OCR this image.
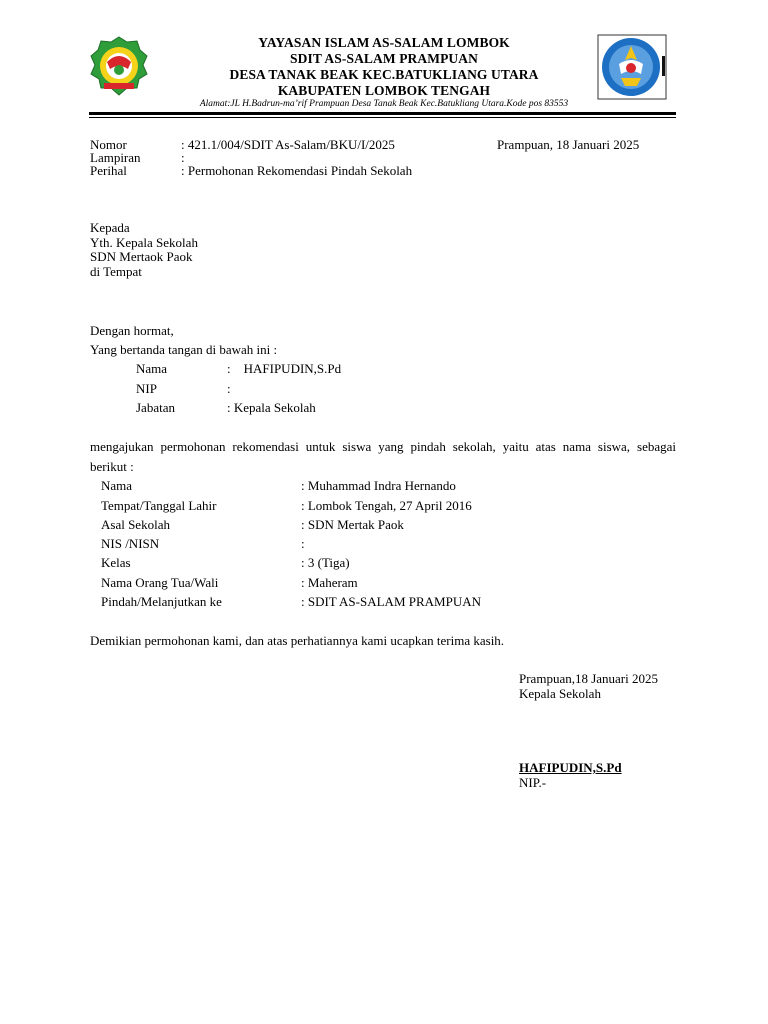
YAYASAN ISLAM AS-SALAM LOMBOK
SDIT AS-SALAM PRAMPUAN
DESA TANAK BEAK KEC.BATUKLIANG UTARA
KABUPATEN LOMBOK TENGAH
Alamat:JL H.Badrun-ma’rif Prampuan Desa Tanak Beak Kec.Batukliang Utara.Kode pos 83553
Nomor	: 421.1/004/SDIT As-Salam/BKU/I/2025	Prampuan, 18 Januari 2025
Lampiran	:
Perihal	: Permohonan Rekomendasi Pindah Sekolah
Kepada
Yth. Kepala Sekolah
SDN Mertaok Paok
di Tempat
Dengan hormat,
Yang bertanda tangan di bawah ini :
Nama	:    HAFIPUDIN,S.Pd
NIP	:
Jabatan	: Kepala Sekolah
mengajukan permohonan rekomendasi untuk siswa yang pindah sekolah, yaitu atas nama siswa, sebagai
berikut :
Nama	: Muhammad Indra Hernando
Tempat/Tanggal Lahir	: Lombok Tengah, 27 April 2016
Asal Sekolah	: SDN Mertak Paok
NIS /NISN	:
Kelas	: 3 (Tiga)
Nama Orang Tua/Wali	: Maheram
Pindah/Melanjutkan ke	: SDIT AS-SALAM PRAMPUAN
Demikian permohonan kami, dan atas perhatiannya kami ucapkan terima kasih.
Prampuan,18 Januari 2025
Kepala Sekolah
HAFIPUDIN,S.Pd
NIP.-
